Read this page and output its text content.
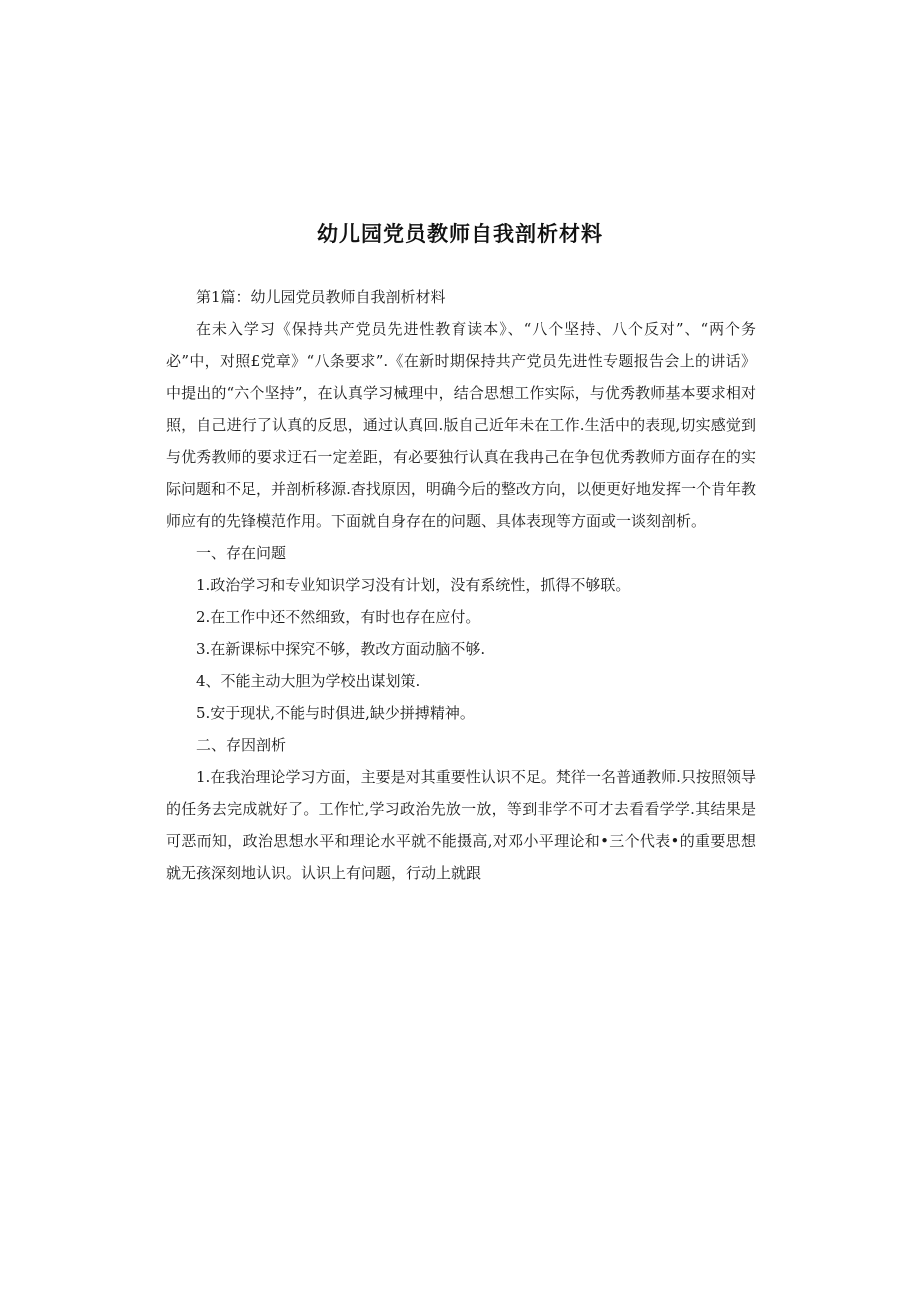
幼儿园党员教师自我剖析材料

第1篇：幼儿园党员教师自我剖析材料

在未入学习《保持共产党员先进性教育读本》、“八个坚持、八个反对”、“两个务必”中，对照£党章》“八条要求”.《在新时期保持共产党员先进性专题报告会上的讲话》中提出的“六个坚持”，在认真学习械理中，结合思想工作实际，与优秀教师基本要求相对照，自己进行了认真的反思，通过认真回.版自己近年未在工作.生活中的表现,切实感觉到与优秀教师的要求迂石一定差距，有必要独行认真在我冉己在争包优秀教师方面存在的实际问题和不足，并剖析移源.杳找原因，明确今后的整改方向，以便更好地发挥一个肯年教师应有的先锋模范作用。下面就自身存在的问题、具体表现等方面或一谈刻剖析。

一、存在问题

1.政治学习和专业知识学习没有计划，没有系统性，抓得不够联。

2.在工作中还不然细致，有时也存在应付。

3.在新课标中探究不够，教改方面动脑不够.

4、不能主动大胆为学校出谋划策.

5.安于现状,不能与时俱进,缺少拼搏精神。

二、存因剖析

1.在我治理论学习方面，主要是对其重要性认识不足。梵徉一名普通教师.只按照领导的任务去完成就好了。工作忙,学习政治先放一放，等到非学不可才去看看学学.其结果是可恶而知，政治思想水平和理论水平就不能摄高,对邓小平理论和•三个代表•的重要思想就无孩深刻地认识。认识上有问题，行动上就跟
